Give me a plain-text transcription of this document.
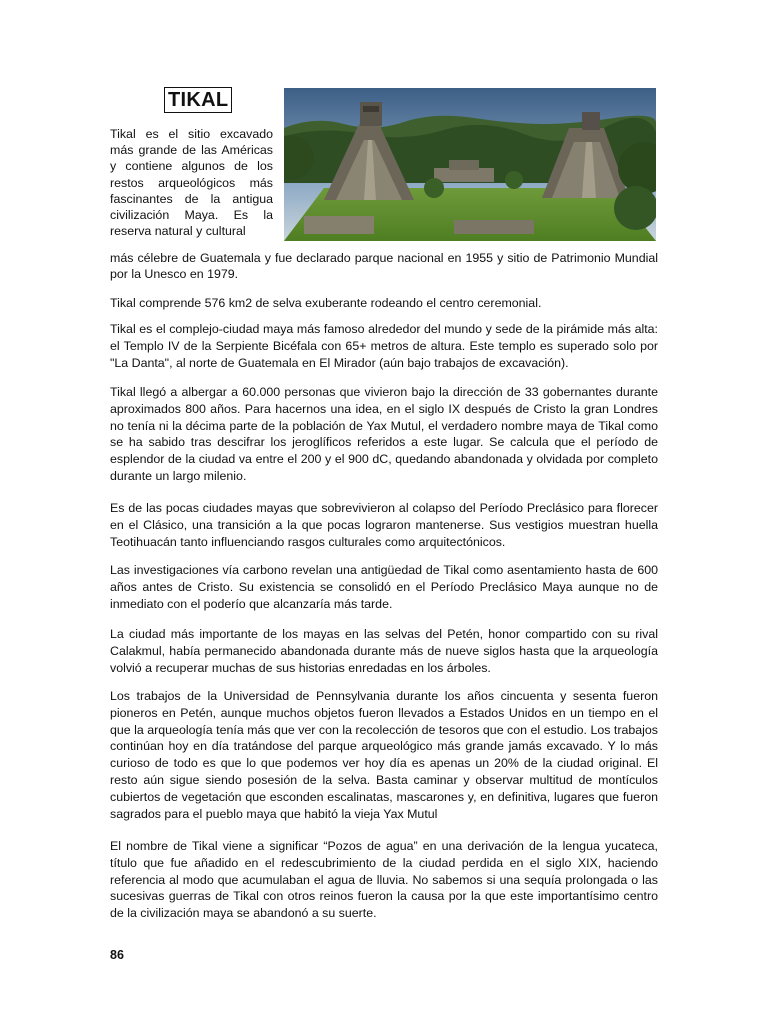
TIKAL

Tikal es el sitio excavado más grande de las Américas y contiene algunos de los restos arqueológicos más fascinantes de la antigua civilización Maya. Es la reserva natural y cultural

más célebre de Guatemala y fue declarado parque nacional en 1955 y sitio de Patrimonio Mundial por la Unesco en 1979.

Tikal comprende 576 km2 de selva exuberante rodeando el centro ceremonial.

Tikal es el complejo-ciudad maya más famoso alrededor del mundo y sede de la pirámide más alta: el Templo IV de la Serpiente Bicéfala con 65+ metros de altura. Este templo es superado solo por "La Danta", al norte de Guatemala en El Mirador (aún bajo trabajos de excavación).

Tikal llegó a albergar a 60.000 personas que vivieron bajo la dirección de 33 gobernantes durante aproximados 800 años. Para hacernos una idea, en el siglo IX después de Cristo la gran Londres no tenía ni la décima parte de la población de Yax Mutul, el verdadero nombre maya de Tikal como se ha sabido tras descifrar los jeroglíficos referidos a este lugar. Se calcula que el período de esplendor de la ciudad va entre el 200 y el 900 dC, quedando abandonada y olvidada por completo durante un largo milenio.

Es de las pocas ciudades mayas que sobrevivieron al colapso del Período Preclásico para florecer en el Clásico, una transición a la que pocas lograron mantenerse. Sus vestigios muestran huella Teotihuacán tanto influenciando rasgos culturales como arquitectónicos.

Las investigaciones vía carbono revelan una antigüedad de Tikal como asentamiento hasta de 600 años antes de Cristo. Su existencia se consolidó en el Período Preclásico Maya aunque no de inmediato con el poderío que alcanzaría más tarde.

La ciudad más importante de los mayas en las selvas del Petén, honor compartido con su rival Calakmul, había permanecido abandonada durante más de nueve siglos hasta que la arqueología volvió a recuperar muchas de sus historias enredadas en los árboles.

Los trabajos de la Universidad de Pennsylvania durante los años cincuenta y sesenta fueron pioneros en Petén, aunque muchos objetos fueron llevados a Estados Unidos en un tiempo en el que la arqueología tenía más que ver con la recolección de tesoros que con el estudio. Los trabajos continúan hoy en día tratándose del parque arqueológico más grande jamás excavado. Y lo más curioso de todo es que lo que podemos ver hoy día es apenas un 20% de la ciudad original. El resto aún sigue siendo posesión de la selva. Basta caminar y observar multitud de montículos cubiertos de vegetación que esconden escalinatas, mascarones y, en definitiva, lugares que fueron sagrados para el pueblo maya que habitó la vieja Yax Mutul

El nombre de Tikal viene a significar “Pozos de agua” en una derivación de la lengua yucateca, título que fue añadido en el redescubrimiento de la ciudad perdida en el siglo XIX, haciendo referencia al modo que acumulaban el agua de lluvia. No sabemos si una sequía prolongada o las sucesivas guerras de Tikal con otros reinos fueron la causa por la que este importantísimo centro de la civilización maya se abandonó a su suerte.

86
